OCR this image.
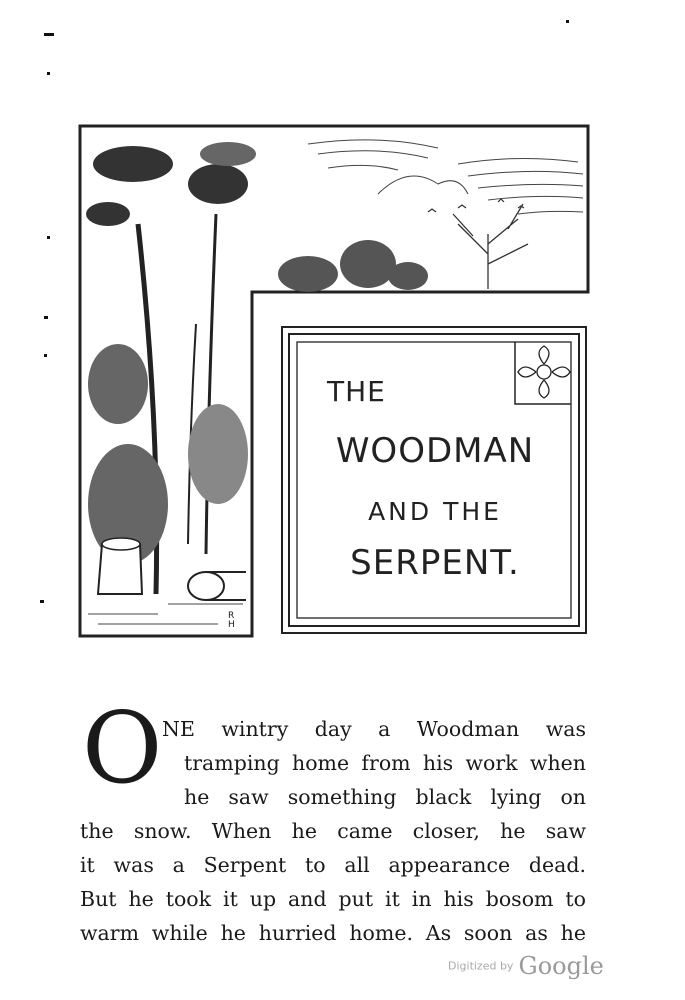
R H
THE
WOODMAN
AND THE
SERPENT.
O NE wintry day a Woodman was
tramping home from his work when
he saw something black lying on
the snow. When he came closer, he saw
it was a Serpent to all appearance dead.
But he took it up and put it in his bosom to
warm while he hurried home. As soon as he
Digitized by Google
